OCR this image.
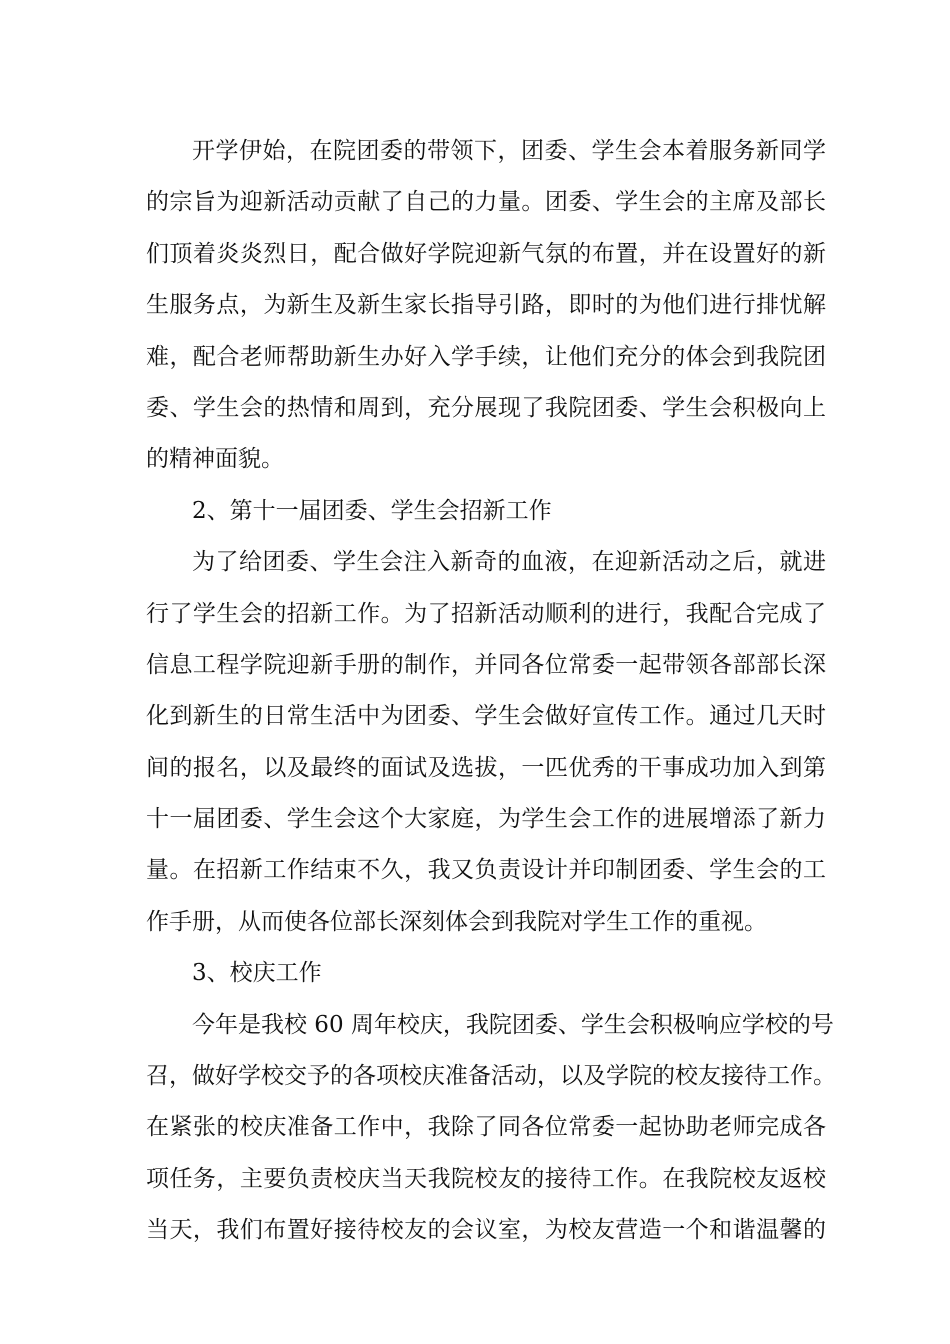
开学伊始，在院团委的带领下，团委、学生会本着服务新同学
的宗旨为迎新活动贡献了自己的力量。团委、学生会的主席及部长
们顶着炎炎烈日，配合做好学院迎新气氛的布置，并在设置好的新
生服务点，为新生及新生家长指导引路，即时的为他们进行排忧解
难，配合老师帮助新生办好入学手续，让他们充分的体会到我院团
委、学生会的热情和周到，充分展现了我院团委、学生会积极向上
的精神面貌。
2、第十一届团委、学生会招新工作
为了给团委、学生会注入新奇的血液，在迎新活动之后，就进
行了学生会的招新工作。为了招新活动顺利的进行，我配合完成了
信息工程学院迎新手册的制作，并同各位常委一起带领各部部长深
化到新生的日常生活中为团委、学生会做好宣传工作。通过几天时
间的报名，以及最终的面试及选拔，一匹优秀的干事成功加入到第
十一届团委、学生会这个大家庭，为学生会工作的进展增添了新力
量。在招新工作结束不久，我又负责设计并印制团委、学生会的工
作手册，从而使各位部长深刻体会到我院对学生工作的重视。
3、校庆工作
今年是我校 60 周年校庆，我院团委、学生会积极响应学校的号
召，做好学校交予的各项校庆准备活动，以及学院的校友接待工作。
在紧张的校庆准备工作中，我除了同各位常委一起协助老师完成各
项任务，主要负责校庆当天我院校友的接待工作。在我院校友返校
当天，我们布置好接待校友的会议室，为校友营造一个和谐温馨的
